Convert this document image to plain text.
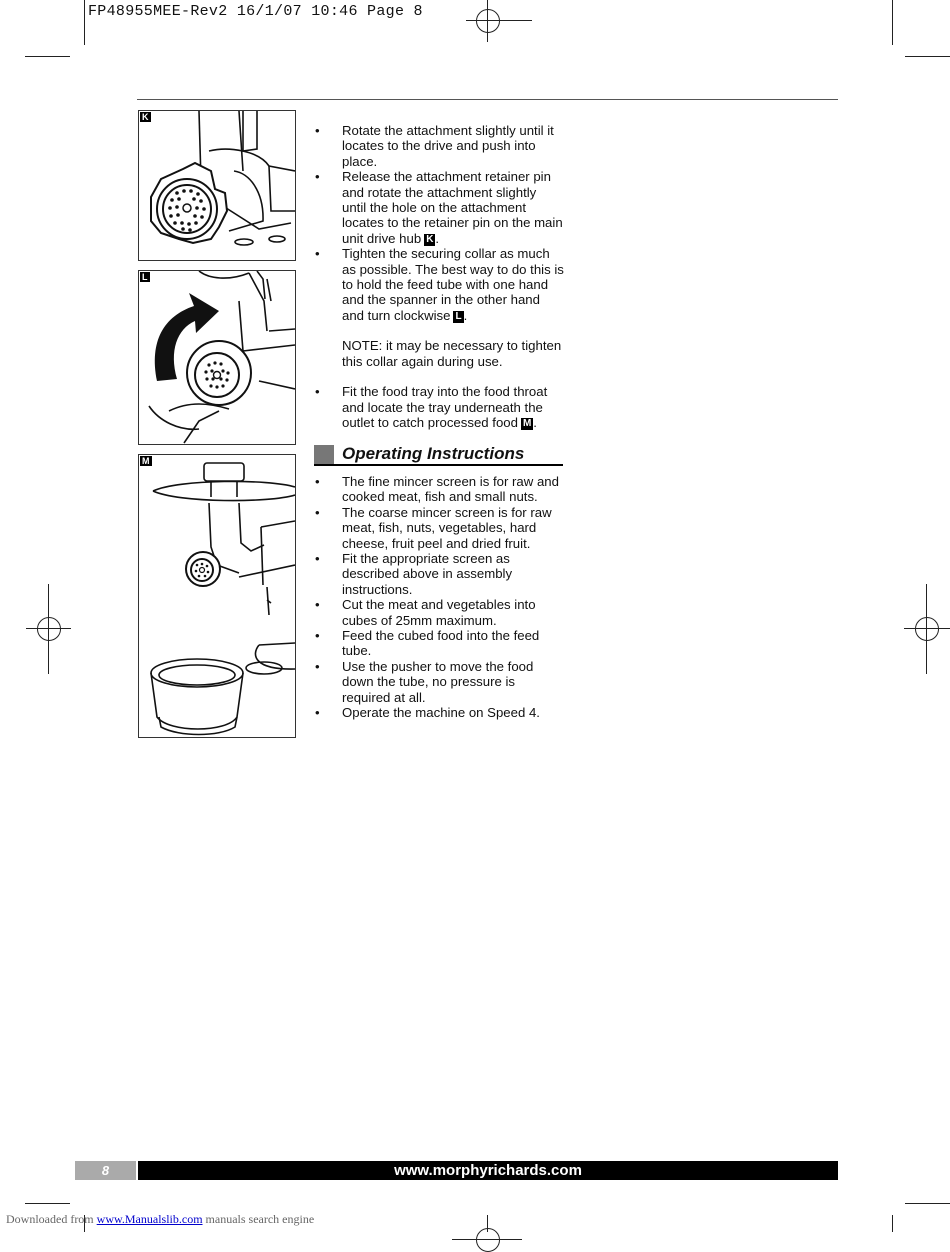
FP48955MEE-Rev2 16/1/07 10:46 Page 8
K
L
M
• Rotate the attachment slightly until it locates to the drive and push into place.
• Release the attachment retainer pin and rotate the attachment slightly until the hole on the attachment locates to the retainer pin on the main unit drive hub K .
• Tighten the securing collar as much as possible. The best way to do this is to hold the feed tube with one hand and the spanner in the other hand and turn clockwise L .

NOTE: it may be necessary to tighten this collar again during use.

• Fit the food tray into the food throat and locate the tray underneath the outlet to catch processed food M .
Operating Instructions
• The fine mincer screen is for raw and cooked meat, fish and small nuts.
• The coarse mincer screen is for raw meat, fish, nuts, vegetables, hard cheese, fruit peel and dried fruit.
• Fit the appropriate screen as described above in assembly instructions.
• Cut the meat and vegetables into cubes of 25mm maximum.
• Feed the cubed food into the feed tube.
• Use the pusher to move the food down the tube, no pressure is required at all.
• Operate the machine on Speed 4.
8	www.morphyrichards.com
Downloaded from www.Manualslib.com manuals search engine
